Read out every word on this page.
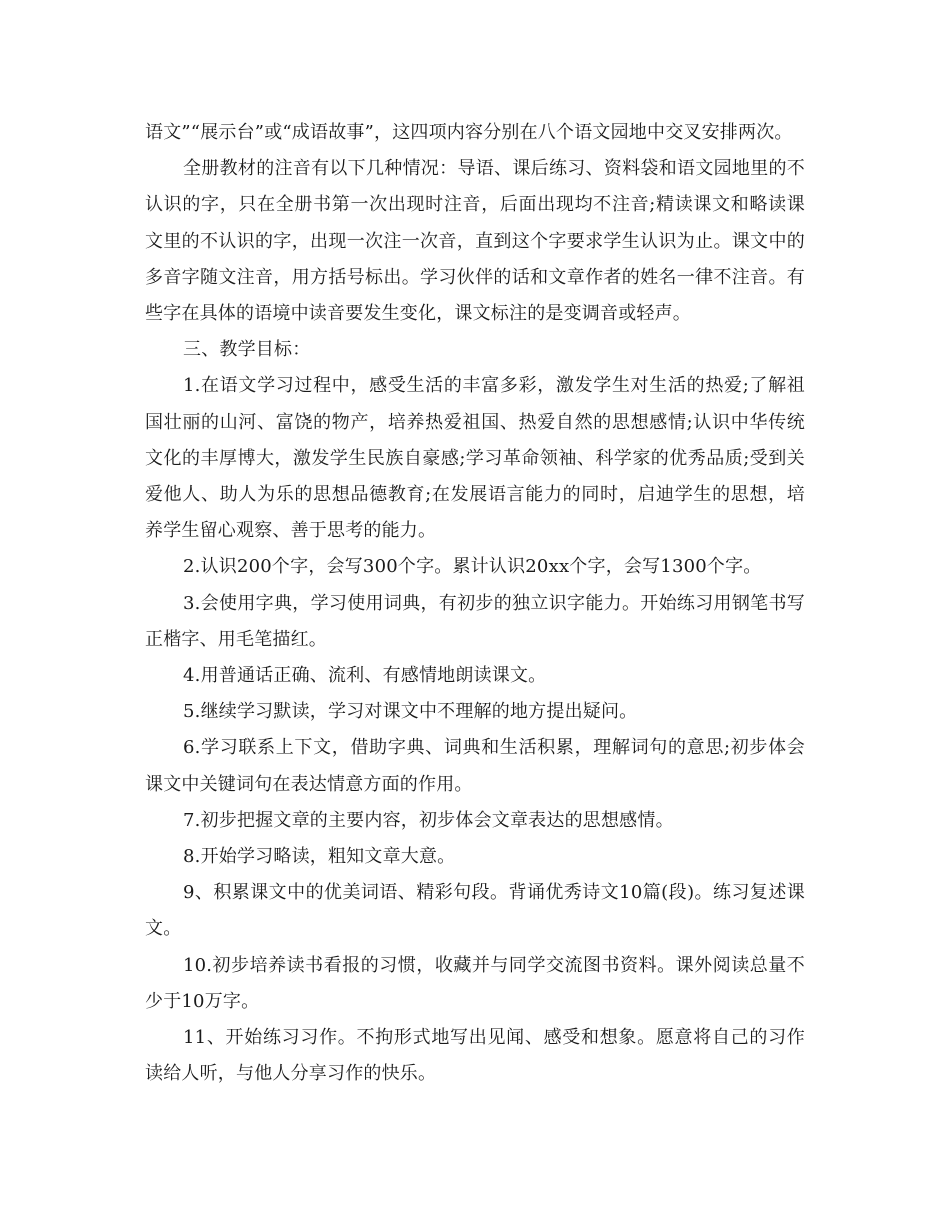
语文”“展示台”或“成语故事”，这四项内容分别在八个语文园地中交叉安排两次。

全册教材的注音有以下几种情况：导语、课后练习、资料袋和语文园地里的不认识的字，只在全册书第一次出现时注音，后面出现均不注音;精读课文和略读课文里的不认识的字，出现一次注一次音，直到这个字要求学生认识为止。课文中的多音字随文注音，用方括号标出。学习伙伴的话和文章作者的姓名一律不注音。有些字在具体的语境中读音要发生变化，课文标注的是变调音或轻声。

三、教学目标：

1.在语文学习过程中，感受生活的丰富多彩，激发学生对生活的热爱;了解祖国壮丽的山河、富饶的物产，培养热爱祖国、热爱自然的思想感情;认识中华传统文化的丰厚博大，激发学生民族自豪感;学习革命领袖、科学家的优秀品质;受到关爱他人、助人为乐的思想品德教育;在发展语言能力的同时，启迪学生的思想，培养学生留心观察、善于思考的能力。

2.认识200个字，会写300个字。累计认识20xx个字，会写1300个字。

3.会使用字典，学习使用词典，有初步的独立识字能力。开始练习用钢笔书写正楷字、用毛笔描红。

4.用普通话正确、流利、有感情地朗读课文。

5.继续学习默读，学习对课文中不理解的地方提出疑问。

6.学习联系上下文，借助字典、词典和生活积累，理解词句的意思;初步体会课文中关键词句在表达情意方面的作用。

7.初步把握文章的主要内容，初步体会文章表达的思想感情。

8.开始学习略读，粗知文章大意。

9、积累课文中的优美词语、精彩句段。背诵优秀诗文10篇(段)。练习复述课文。

10.初步培养读书看报的习惯，收藏并与同学交流图书资料。课外阅读总量不少于10万字。

11、开始练习习作。不拘形式地写出见闻、感受和想象。愿意将自己的习作读给人听，与他人分享习作的快乐。
